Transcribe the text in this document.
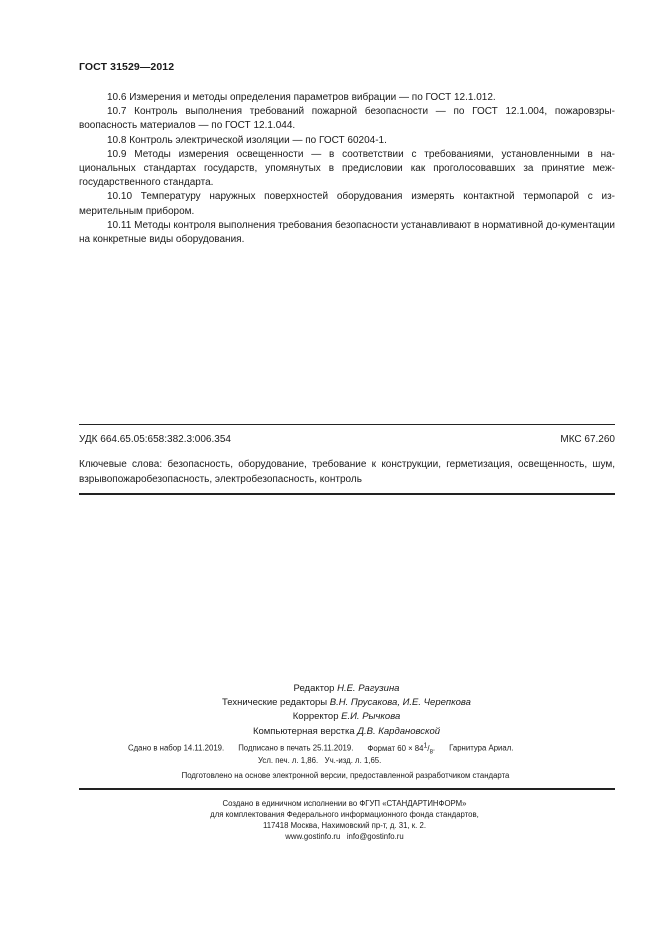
ГОСТ 31529—2012

10.6 Измерения и методы определения параметров вибрации — по ГОСТ 12.1.012.

10.7 Контроль выполнения требований пожарной безопасности — по ГОСТ 12.1.004, пожаровзры-воопасность материалов — по ГОСТ 12.1.044.

10.8 Контроль электрической изоляции — по ГОСТ 60204-1.

10.9 Методы измерения освещенности — в соответствии с требованиями, установленными в на-циональных стандартах государств, упомянутых в предисловии как проголосовавших за принятие меж-государственного стандарта.

10.10 Температуру наружных поверхностей оборудования измерять контактной термопарой с из-мерительным прибором.

10.11 Методы контроля выполнения требования безопасности устанавливают в нормативной до-кументации на конкретные виды оборудования.

УДК 664.65.05:658:382.3:006.354	МКС 67.260
Ключевые слова: безопасность, оборудование, требование к конструкции, герметизация, освещенность, шум, взрывопожаробезопасность, электробезопасность, контроль
Редактор Н.Е. Рагузина
Технические редакторы В.Н. Прусакова, И.Е. Черепкова
Корректор Е.И. Рычкова
Компьютерная верстка Д.В. Кардановской
Сдано в набор 14.11.2019. Подписано в печать 25.11.2019. Формат $60 \times 84^1/_8$. Гарнитура Ариал.
Усл. печ. л. 1,86. Уч.-изд. л. 1,65.
Подготовлено на основе электронной версии, предоставленной разработчиком стандарта
Создано в единичном исполнении во ФГУП «СТАНДАРТИНФОРМ»
для комплектования Федерального информационного фонда стандартов,
117418 Москва, Нахимовский пр-т, д. 31, к. 2.
www.gostinfo.ru info@gostinfo.ru
